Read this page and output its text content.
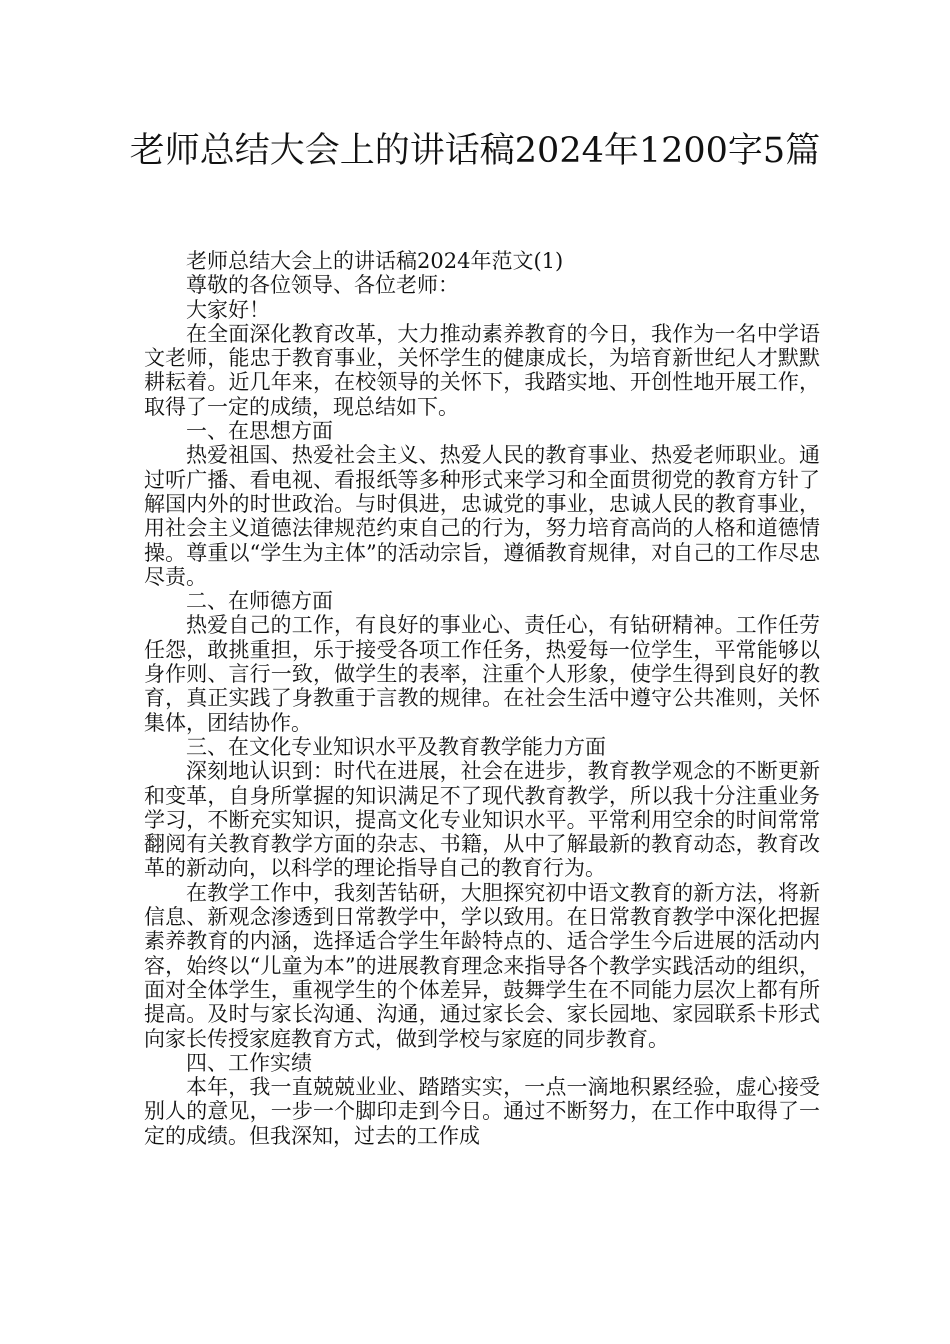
老师总结大会上的讲话稿2024年1200字5篇

老师总结大会上的讲话稿2024年范文(1)

尊敬的各位领导、各位老师：

大家好！

在全面深化教育改革，大力推动素养教育的今日，我作为一名中学语文老师，能忠于教育事业，关怀学生的健康成长，为培育新世纪人才默默耕耘着。近几年来，在校领导的关怀下，我踏实地、开创性地开展工作，取得了一定的成绩，现总结如下。

一、在思想方面

热爱祖国、热爱社会主义、热爱人民的教育事业、热爱老师职业。通过听广播、看电视、看报纸等多种形式来学习和全面贯彻党的教育方针了解国内外的时世政治。与时俱进，忠诚党的事业，忠诚人民的教育事业，用社会主义道德法律规范约束自己的行为，努力培育高尚的人格和道德情操。尊重以“学生为主体”的活动宗旨，遵循教育规律，对自己的工作尽忠尽责。

二、在师德方面

热爱自己的工作，有良好的事业心、责任心，有钻研精神。工作任劳任怨，敢挑重担，乐于接受各项工作任务，热爱每一位学生，平常能够以身作则、言行一致，做学生的表率，注重个人形象，使学生得到良好的教育，真正实践了身教重于言教的规律。在社会生活中遵守公共准则，关怀集体，团结协作。

三、在文化专业知识水平及教育教学能力方面

深刻地认识到：时代在进展，社会在进步，教育教学观念的不断更新和变革，自身所掌握的知识满足不了现代教育教学，所以我十分注重业务学习，不断充实知识，提高文化专业知识水平。平常利用空余的时间常常翻阅有关教育教学方面的杂志、书籍，从中了解最新的教育动态，教育改革的新动向，以科学的理论指导自己的教育行为。

在教学工作中，我刻苦钻研，大胆探究初中语文教育的新方法，将新信息、新观念渗透到日常教学中，学以致用。在日常教育教学中深化把握素养教育的内涵，选择适合学生年龄特点的、适合学生今后进展的活动内容，始终以“儿童为本”的进展教育理念来指导各个教学实践活动的组织，面对全体学生，重视学生的个体差异，鼓舞学生在不同能力层次上都有所提高。及时与家长沟通、沟通，通过家长会、家长园地、家园联系卡形式向家长传授家庭教育方式，做到学校与家庭的同步教育。

四、工作实绩

本年，我一直兢兢业业、踏踏实实，一点一滴地积累经验，虚心接受别人的意见，一步一个脚印走到今日。通过不断努力，在工作中取得了一定的成绩。但我深知，过去的工作成
